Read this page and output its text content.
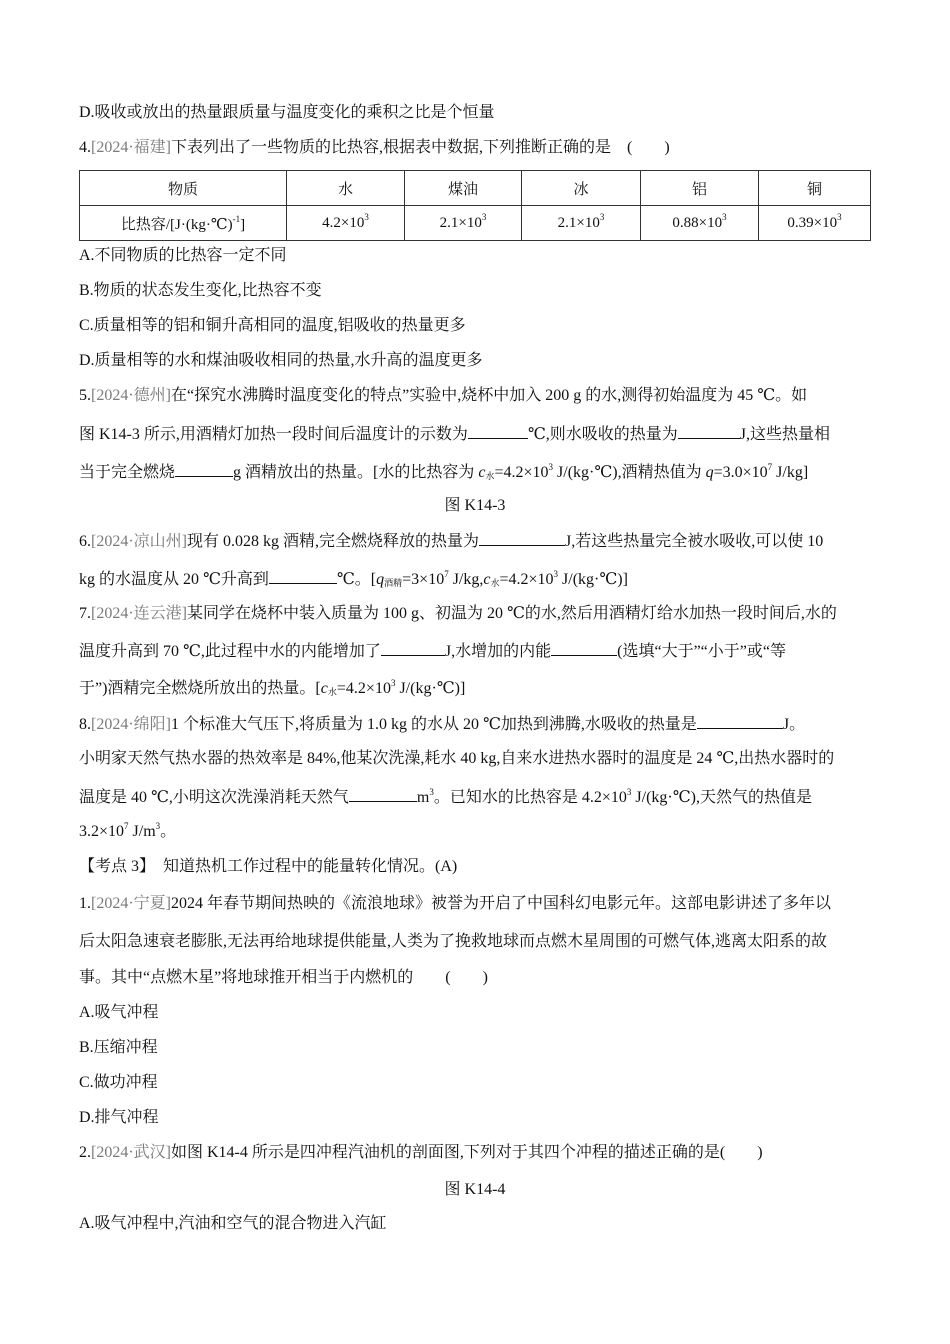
D.吸收或放出的热量跟质量与温度变化的乘积之比是个恒量
4.[2024·福建]下表列出了一些物质的比热容,根据表中数据,下列推断正确的是　 (　　)
物质	水	煤油	冰	铝	铜
比热容/[J·(kg·℃)$^{-1}$]	$4.2\times 10^3$	$2.1\times 10^3$	$2.1\times 10^3$	$0.88\times 10^3$	$0.39\times 10^3$
A.不同物质的比热容一定不同
B.物质的状态发生变化,比热容不变
C.质量相等的铝和铜升高相同的温度,铝吸收的热量更多
D.质量相等的水和煤油吸收相同的热量,水升高的温度更多
5.[2024·德州]在“探究水沸腾时温度变化的特点”实验中,烧杯中加入 200 g 的水,测得初始温度为 45 ℃。如
图 K14-3 所示,用酒精灯加热一段时间后温度计的示数为	℃,则水吸收的热量为	J,这些热量相
当于完全燃烧	g 酒精放出的热量。[水的比热容为 $c_水=4.2\times 10^3$ J/(kg·℃),酒精热值为 $q=3.0\times 10^7$ J/kg]
图 K14-3
6.[2024·凉山州]现有 0.028 kg 酒精,完全燃烧释放的热量为	J,若这些热量完全被水吸收,可以使 10
kg 的水温度从 20 ℃升高到	℃。[$q_{酒精}=3\times 10^7$ $J/kg,c_水=4.2\times 10^3$ J/(kg·℃)]
7.[2024·连云港]某同学在烧杯中装入质量为 100 g、初温为 20 ℃的水,然后用酒精灯给水加热一段时间后,水的
温度升高到 70 ℃,此过程中水的内能增加了	J,水增加的内能	(选填“大于”“小于”或“等
于”)酒精完全燃烧所放出的热量。[$c_水=4.2\times 10^3$ J/(kg·℃)]
8.[2024·绵阳]1 个标准大气压下,将质量为 1.0 kg 的水从 20 ℃加热到沸腾,水吸收的热量是	J。
小明家天然气热水器的热效率是 84%,他某次洗澡,耗水 40 kg,自来水进热水器时的温度是 24 ℃,出热水器时的
温度是 40 ℃,小明这次洗澡消耗天然气	$m^3$。已知水的比热容是 $4.2\times 10^3$ J/(kg·℃),天然气的热值是
$3.2\times 10^7$ $J/m^3$。
【考点 3】　知道热机工作过程中的能量转化情况。(A)
1.[2024·宁夏]2024 年春节期间热映的《流浪地球》被誉为开启了中国科幻电影元年。这部电影讲述了多年以
后太阳急速衰老膨胀,无法再给地球提供能量,人类为了挽救地球而点燃木星周围的可燃气体,逃离太阳系的故
事。其中“点燃木星”将地球推开相当于内燃机的　　 (　　)
A.吸气冲程
B.压缩冲程
C.做功冲程
D.排气冲程
2.[2024·武汉]如图 K14-4 所示是四冲程汽油机的剖面图,下列对于其四个冲程的描述正确的是(　　)
图 K14-4
A.吸气冲程中,汽油和空气的混合物进入汽缸
